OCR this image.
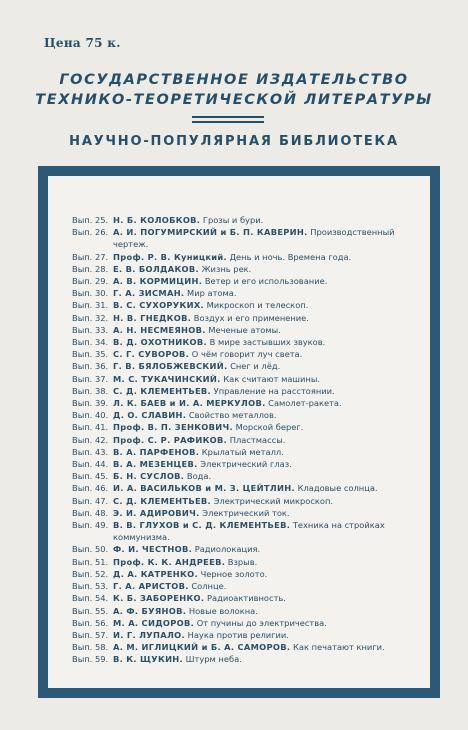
Цена 75 к.
ГОСУДАРСТВЕННОЕ ИЗДАТЕЛЬСТВО
ТЕХНИКО-ТЕОРЕТИЧЕСКОЙ ЛИТЕРАТУРЫ
НАУЧНО-ПОПУЛЯРНАЯ БИБЛИОТЕКА
Вып. 25. Н. Б. КОЛОБКОВ. Грозы и бури.
Вып. 26. А. И. ПОГУМИРСКИЙ и Б. П. КАВЕРИН. Производственный чертеж.
Вып. 27. Проф. Р. В. Куницкий. День и ночь. Времена года.
Вып. 28. Е. В. БОЛДАКОВ. Жизнь рек.
Вып. 29. А. В. КОРМИЦИН. Ветер и его использование.
Вып. 30. Г. А. ЗИСМАН. Мир атома.
Вып. 31. В. С. СУХОРУКИХ. Микроскоп и телескоп.
Вып. 32. Н. В. ГНЕДКОВ. Воздух и его применение.
Вып. 33. А. Н. НЕСМЕЯНОВ. Меченые атомы.
Вып. 34. В. Д. ОХОТНИКОВ. В мире застывших звуков.
Вып. 35. С. Г. СУВОРОВ. О чём говорит луч света.
Вып. 36. Г. В. БЯЛОБЖЕВСКИЙ. Снег и лёд.
Вып. 37. М. С. ТУКАЧИНСКИЙ. Как считают машины.
Вып. 38. С. Д. КЛЕМЕНТЬЕВ. Управление на расстоянии.
Вып. 39. Л. К. БАЕВ и И. А. МЕРКУЛОВ. Самолет-ракета.
Вып. 40. Д. О. СЛАВИН. Свойство металлов.
Вып. 41. Проф. В. П. ЗЕНКОВИЧ. Морской берег.
Вып. 42. Проф. С. Р. РАФИКОВ. Пластмассы.
Вып. 43. В. А. ПАРФЕНОВ. Крылатый металл.
Вып. 44. В. А. МЕЗЕНЦЕВ. Электрический глаз.
Вып. 45. Б. Н. СУСЛОВ. Вода.
Вып. 46. И. А. ВАСИЛЬКОВ и М. З. ЦЕЙТЛИН. Кладовые солнца.
Вып. 47. С. Д. КЛЕМЕНТЬЕВ. Электрический микроскоп.
Вып. 48. Э. И. АДИРОВИЧ. Электрический ток.
Вып. 49. В. В. ГЛУХОВ и С. Д. КЛЕМЕНТЬЕВ. Техника на стройках коммунизма.
Вып. 50. Ф. И. ЧЕСТНОВ. Радиолокация.
Вып. 51. Проф. К. К. АНДРЕЕВ. Взрыв.
Вып. 52. Д. А. КАТРЕНКО. Черное золото.
Вып. 53. Г. А. АРИСТОВ. Солнце.
Вып. 54. К. Б. ЗАБОРЕНКО. Радиоактивность.
Вып. 55. А. Ф. БУЯНОВ. Новые волокна.
Вып. 56. М. А. СИДОРОВ. От пучины до электричества.
Вып. 57. И. Г. ЛУПАЛО. Наука против религии.
Вып. 58. А. М. ИГЛИЦКИЙ и Б. А. САМОРОВ. Как печатают книги.
Вып. 59. В. К. ЩУКИН. Штурм неба.
